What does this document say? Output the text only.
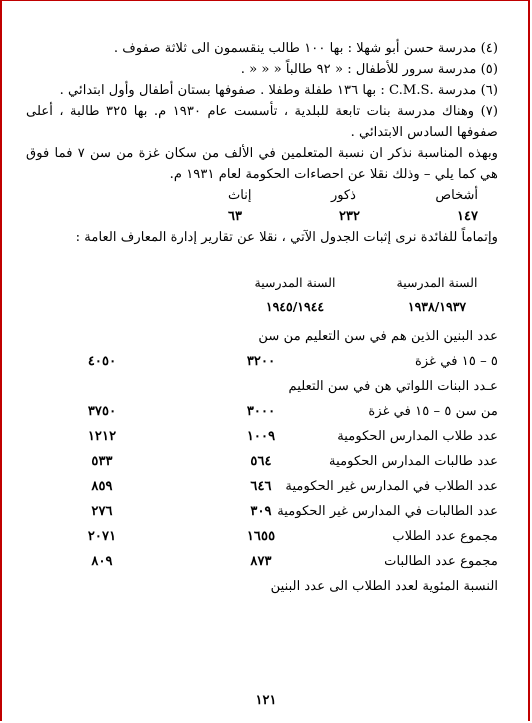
(٤) مدرسة حسن أبو شهلا : بها ١٠٠ طالب ينقسمون الى ثلاثة صفوف .

(٥) مدرسة سرور للأطفال : « ٩٢ طالباً « « « .

(٦) مدرسة .C.M.S : بها ١٣٦ طفلة وطفلا . صفوفها بستان أطفال وأول ابتدائي .

(٧) وهناك مدرسة بنات تابعة للبلدية ، تأسست عام ١٩٣٠ م. بها ٣٢٥ طالبة ، أعلى صفوفها السادس الابتدائي .

وبهذه المناسبة نذكر ان نسبة المتعلمين في الألف من سكان غزة من سن ٧ فما فوق هي كما يلي – وذلك نقلا عن احصاءات الحكومة لعام ١٩٣١ م.

أشخاص
ذكور
إناث
١٤٧
٢٣٢
٦٣

وإتماماً للفائدة نرى إثبات الجدول الآتي ، نقلا عن تقارير إدارة المعارف العامة :

السنة المدرسية
السنة المدرسية
١٩٣٨/١٩٣٧
١٩٤٥/١٩٤٤
عدد البنين الذين هم في سن التعليم من سن
٥ – ١٥ في غزة
٣٢٠٠
٤٠٥٠
عـدد البنات اللواتي هن في سن التعليم
من سن ٥ – ١٥ في غزة
٣٠٠٠
٣٧٥٠
عدد طلاب المدارس الحكومية
١٠٠٩
١٢١٢
عدد طالبات المدارس الحكومية
٥٦٤
٥٣٣
عدد الطلاب في المدارس غير الحكومية
٦٤٦
٨٥٩
عدد الطالبات في المدارس غير الحكومية
٣٠٩
٢٧٦
مجموع عدد الطلاب
١٦٥٥
٢٠٧١
مجموع عدد الطالبات
٨٧٣
٨٠٩
النسبة المئوية لعدد الطلاب الى عدد البنين
١٢١
